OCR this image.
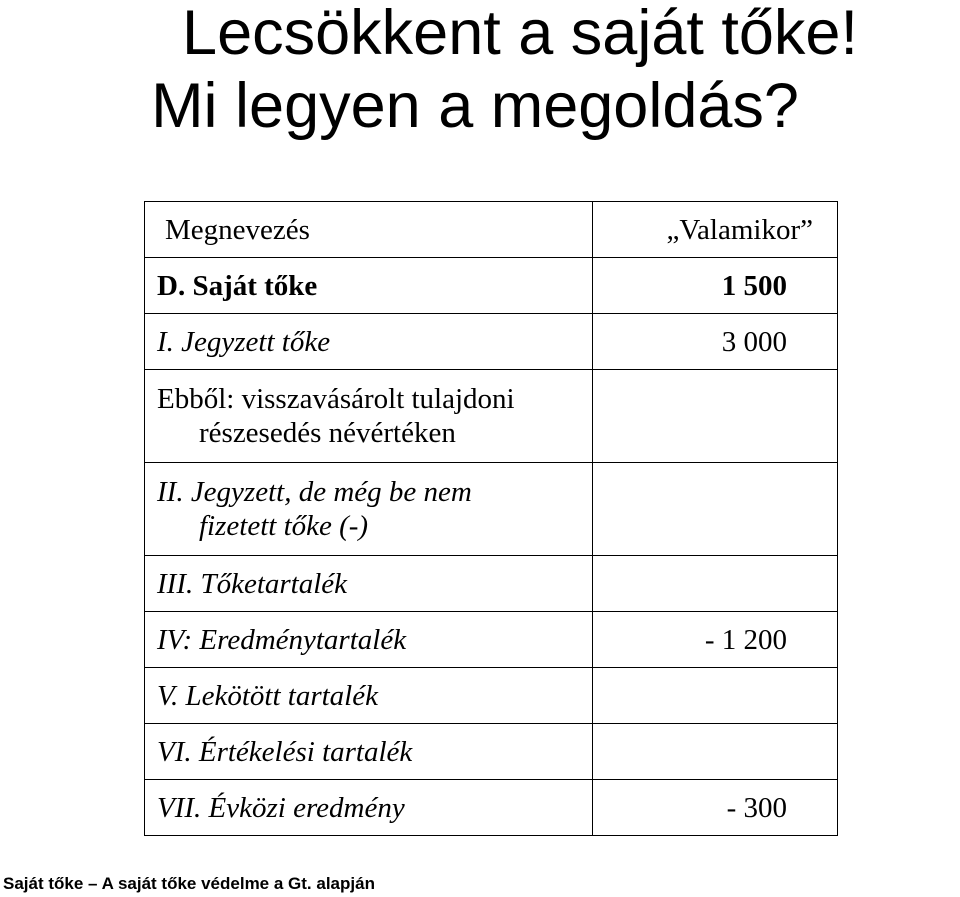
Lecsökkent a saját tőke!
Mi legyen a megoldás?
Megnevezés	„Valamikor”
D. Saját tőke	1 500
I. Jegyzett tőke	3 000
Ebből: visszavásárolt tulajdoni
részesedés névértéken	

II. Jegyzett, de még be nem
fizetett tőke (-)	

III. Tőketartalék	
IV: Eredménytartalék	- 1 200
V. Lekötött tartalék	
VI. Értékelési tartalék	
VII. Évközi eredmény	- 300
Saját tőke – A saját tőke védelme a Gt. alapján
